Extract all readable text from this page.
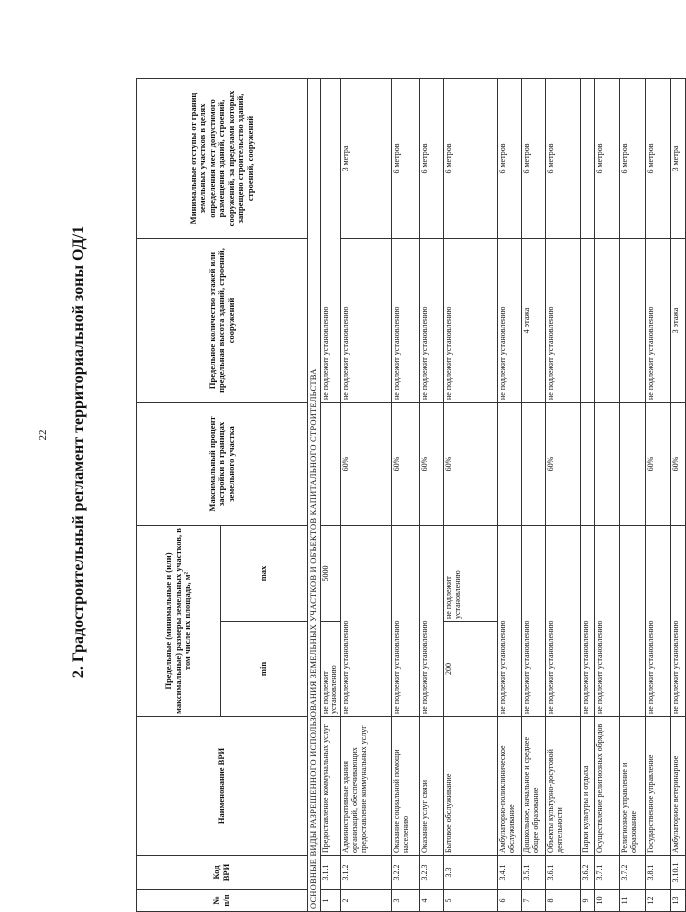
22 2. Градостроительный регламент территориальной зоны ОД/1
№ п/п	Код ВРИ	Наименование ВРИ	Предельные (минимальные и (или) максимальные) размеры земельных участков, в том числе их площадь, м²		Максимальный процент застройки в границах земельного участка	Предельное количество этажей или предельная высота зданий, строений, сооружений	Минимальные отступы от границ земельных участков в целях определения мест допустимого размещения зданий, строений, сооружений, за пределами которых запрещено строительство зданий, строений, сооружений
			min	max			
ОСНОВНЫЕ ВИДЫ РАЗРЕШЕННОГО ИСПОЛЬЗОВАНИЯ ЗЕМЕЛЬНЫХ УЧАСТКОВ И ОБЪЕКТОВ КАПИТАЛЬНОГО СТРОИТЕЛЬСТВА							
1	3.1.1	Предоставление коммунальных услуг	не подлежит установлению	5000		не подлежит установлению	
2	3.1.2	Административные здания организаций, обеспечивающих предоставление коммунальных услуг	не подлежит установлению		60%	не подлежит установлению	3 метра
3	3.2.2	Оказание социальной помощи населению	не подлежит установлению		60%	не подлежит установлению	6 метров
4	3.2.3	Оказание услуг связи	не подлежит установлению		60%	не подлежит установлению	6 метров
5	3.3	Бытовое обслуживание	200	не подлежит установлению	60%	не подлежит установлению	6 метров
6	3.4.1	Амбулаторно-поликлиническое обслуживание	не подлежит установлению			не подлежит установлению	6 метров
7	3.5.1	Дошкольное, начальное и среднее общее образование	не подлежит установлению			4 этажа	6 метров
8	3.6.1	Объекты культурно-досуговой деятельности	не подлежит установлению		60%	не подлежит установлению	6 метров
9	3.6.2	Парки культуры и отдыха	не подлежит установлению				
10	3.7.1	Осуществление религиозных обрядов	не подлежит установлению				6 метров
11	3.7.2	Религиозное управление и образование					6 метров
12	3.8.1	Государственное управление	не подлежит установлению		60%	не подлежит установлению	6 метров
13	3.10.1	Амбулаторное ветеринарное	не подлежит установлению		60%	3 этажа	3 метра
